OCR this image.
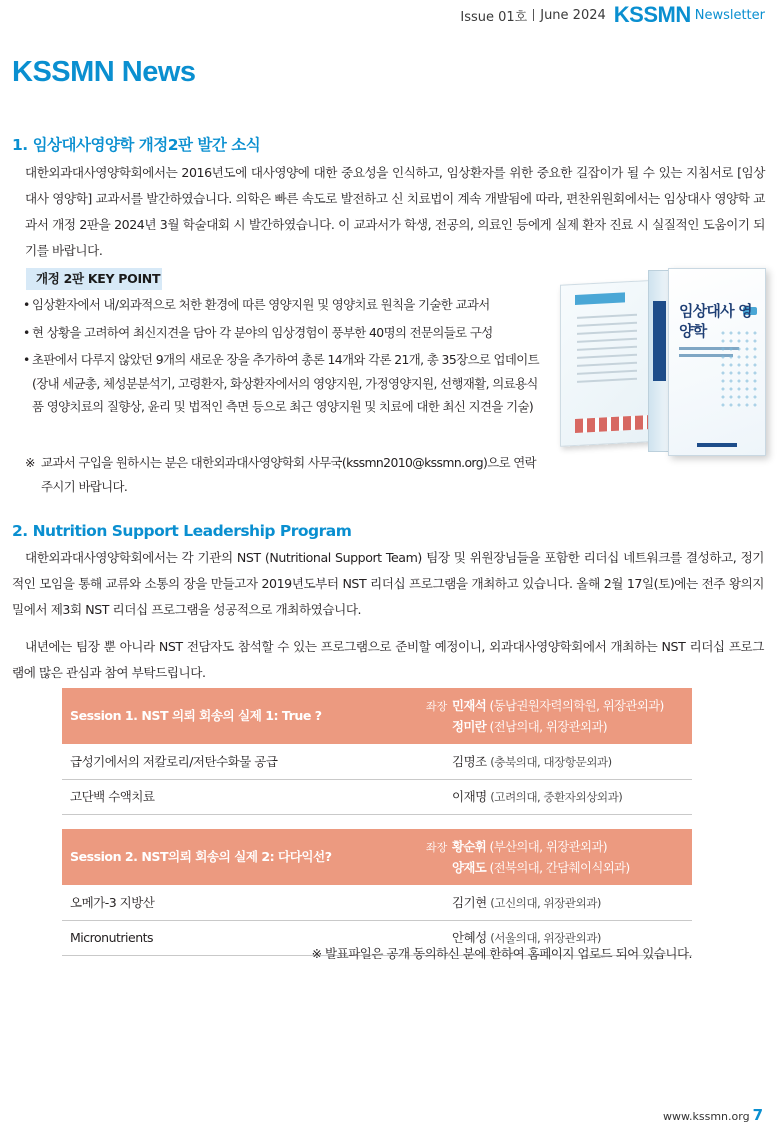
Issue 01호 June 2024 KSSMN Newsletter
KSSMN News
1. 임상대사영양학 개정2판 발간 소식

대한외과대사영양학회에서는 2016년도에 대사영양에 대한 중요성을 인식하고, 임상환자를 위한 중요한 길잡이가 될 수 있는 지침서로 [임상 대사 영양학] 교과서를 발간하였습니다. 의학은 빠른 속도로 발전하고 신 치료법이 계속 개발됨에 따라, 편찬위원회에서는 임상대사 영양학 교과서 개정 2판을 2024년 3월 학술대회 시 발간하였습니다. 이 교과서가 학생, 전공의, 의료인 등에게 실제 환자 진료 시 실질적인 도움이기 되기를 바랍니다.

개정 2판 KEY POINT
• 임상환자에서 내/외과적으로 처한 환경에 따른 영양지원 및 영양치료 원칙을 기술한 교과서
• 현 상황을 고려하여 최신지견을 담아 각 분야의 임상경험이 풍부한 40명의 전문의들로 구성
• 초판에서 다루지 않았던 9개의 새로운 장을 추가하여 총론 14개와 각론 21개, 총 35장으로 업데이트(장내 세균총, 체성분분석기, 고령환자, 화상환자에서의 영양지원, 가정영양지원, 선행재활, 의료용식품 영양치료의 질향상, 윤리 및 법적인 측면 등으로 최근 영양지원 및 치료에 대한 최신 지견을 기술)
※ 교과서 구입을 원하시는 분은 대한외과대사영양학회 사무국(kssmn2010@kssmn.org)으로 연락주시기 바랍니다.
임상대사 영양학
2. Nutrition Support Leadership Program

대한외과대사영양학회에서는 각 기관의 NST (Nutritional Support Team) 팀장 및 위원장님들을 포함한 리더십 네트워크를 결성하고, 정기적인 모임을 통해 교류와 소통의 장을 만들고자 2019년도부터 NST 리더십 프로그램을 개최하고 있습니다. 올해 2월 17일(토)에는 전주 왕의지밀에서 제3회 NST 리더십 프로그램을 성공적으로 개최하였습니다.

내년에는 팀장 뿐 아니라 NST 전담자도 참석할 수 있는 프로그램으로 준비할 예정이니, 외과대사영양학회에서 개최하는 NST 리더십 프로그램에 많은 관심과 참여 부탁드립니다.

Session 1. NST 의뢰 회송의 실제 1: True ?
좌장 민재석 (동남권원자력의학원, 위장관외과)
정미란 (전남의대, 위장관외과)
급성기에서의 저칼로리/저탄수화물 공급	김명조 (충북의대, 대장항문외과)
고단백 수액치료	이재명 (고려의대, 중환자외상외과)
Session 2. NST의뢰 회송의 실제 2: 다다익선?
좌장 황순휘 (부산의대, 위장관외과)
양재도 (전북의대, 간담췌이식외과)
오메가-3 지방산	김기현 (고신의대, 위장관외과)
Micronutrients	안혜성 (서울의대, 위장관외과)
※ 발표파일은 공개 동의하신 분에 한하여 홈페이지 업로드 되어 있습니다.
www.kssmn.org 7
